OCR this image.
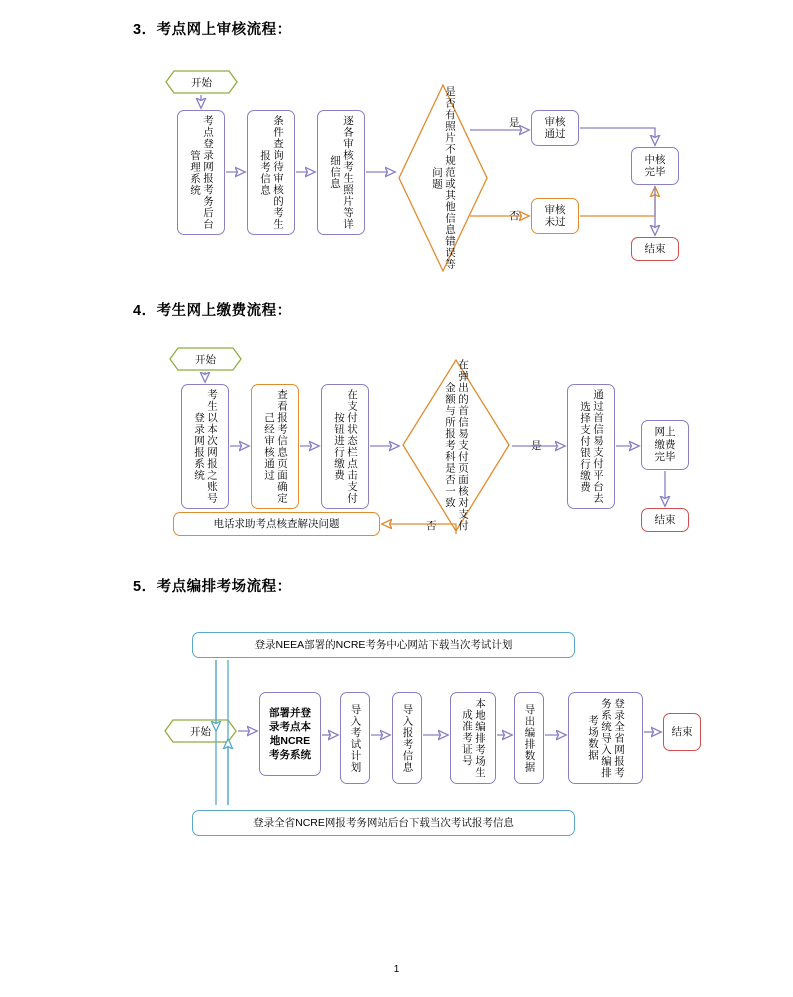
3．考点网上审核流程：
开始
考点登录网报考务后台管理系统	条件查询待审核的考生报考信息	逐各审核考生照片等详细信息	是否有照片不规范或其他信息错误等问题
是
否
审核通过
审核未过
中核完毕
结束
4．考生网上缴费流程：
开始
考生以本次网报之账号登录网报系统	查看报考信息页面确定己经审核通过	在支付状态栏点击支付按钮进行缴费	在弹出的首信易支付页面核对支付金额与所报考科是否一致	是
否
通过首信易支付平台去选择支付银行缴费	网上缴费完毕
结束
电话求助考点核查解决问题
5．考点编排考场流程：
登录NEEA部署的NCRE考务中心网站下载当次考试计划
开始
部署并登录考点本地NCRE考务系统	导入考试计划	导入报考信息	本地编排考场生成准考证号	导出编排数据	登录全省网报考务系统导入编排考场数据	结束
登录全省NCRE网报考务网站后台下载当次考试报考信息
1
